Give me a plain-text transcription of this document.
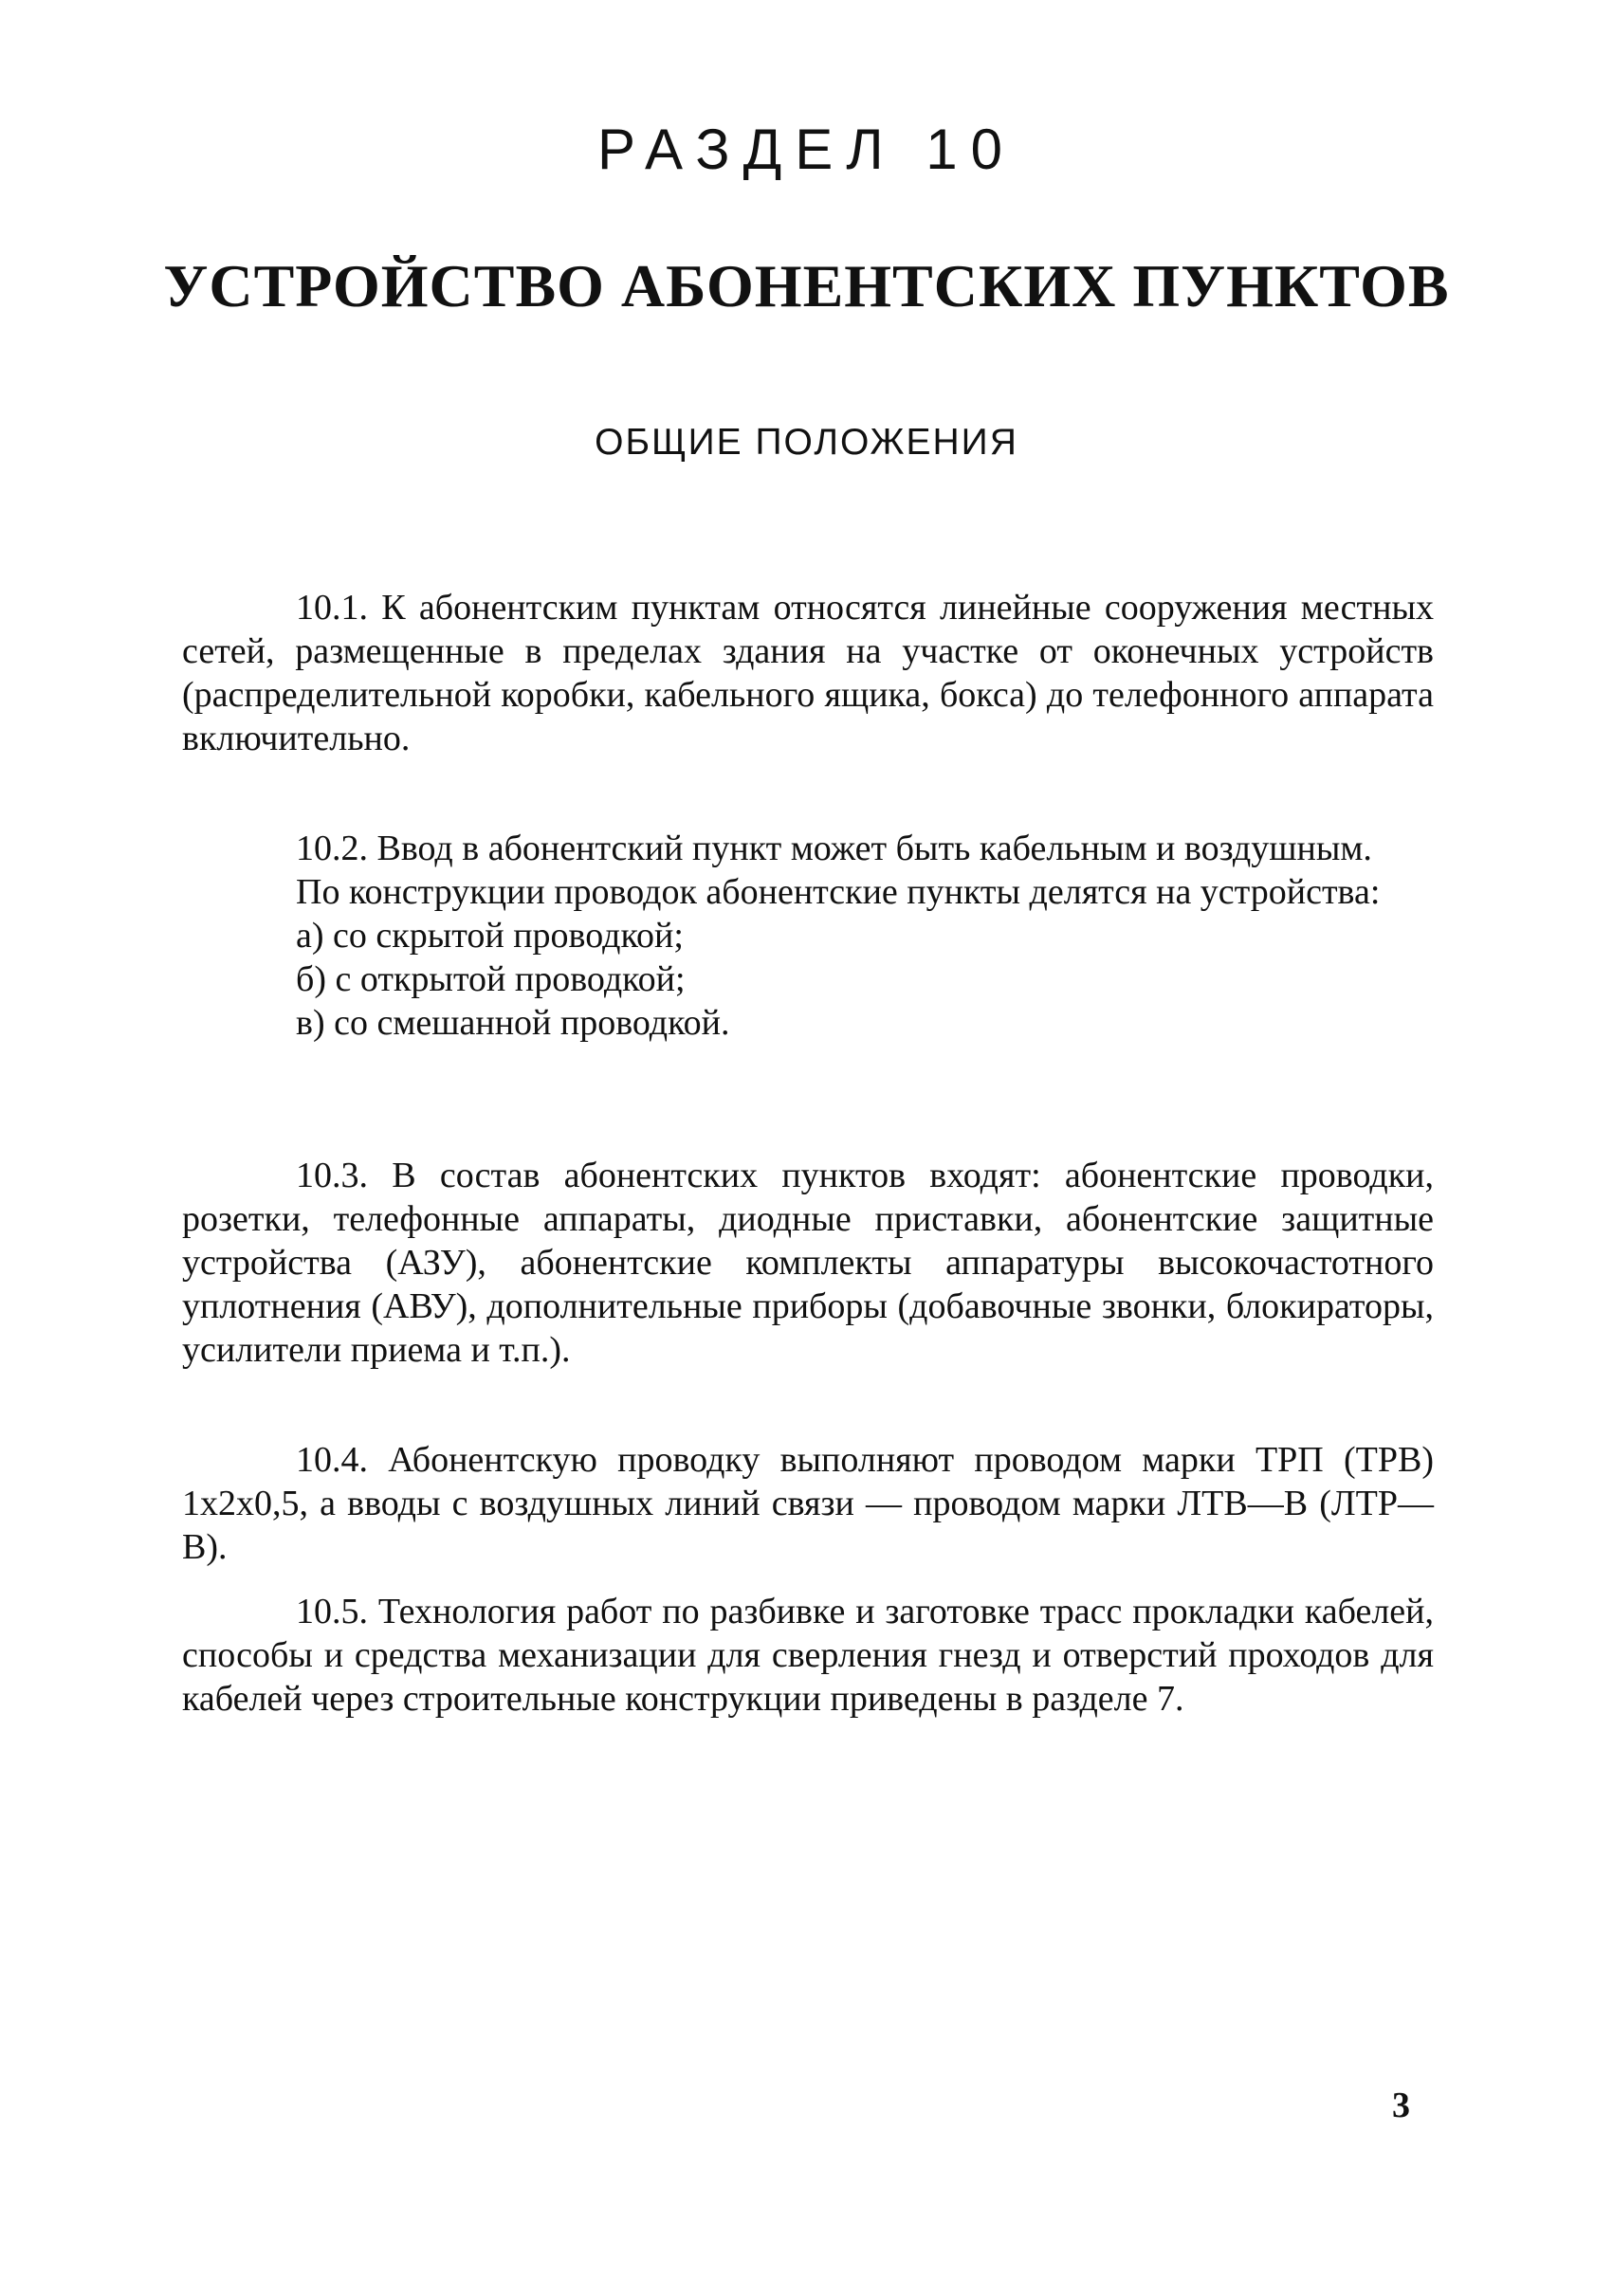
РАЗДЕЛ 10
УСТРОЙСТВО АБОНЕНТСКИХ ПУНКТОВ
ОБЩИЕ ПОЛОЖЕНИЯ

10.1. К абонентским пунктам относятся линейные сооружения местных сетей, размещенные в пределах здания на участке от оконечных устройств (распределительной коробки, кабельного ящика, бокса) до телефонного аппарата включительно.

10.2. Ввод в абонентский пункт может быть кабельным и воздушным.

По конструкции проводок абонентские пункты делятся на устройства:

а) со скрытой проводкой;

б) с открытой проводкой;

в) со смешанной проводкой.

10.3. В состав абонентских пунктов входят: абонентские проводки, розетки, телефонные аппараты, диодные приставки, абонентские защитные устройства (АЗУ), абонентские комплекты аппаратуры высокочастотного уплотнения (АВУ), дополнительные приборы (добавочные звонки, блокираторы, усилители приема и т.п.).

10.4. Абонентскую проводку выполняют проводом марки ТРП (ТРВ) 1х2х0,5, а вводы с воздушных линий связи — проводом марки ЛТВ—В (ЛТР—В).

10.5. Технология работ по разбивке и заготовке трасс прокладки кабелей, способы и средства механизации для сверления гнезд и отверстий проходов для кабелей через строительные конструкции приведены в разделе 7.

3
